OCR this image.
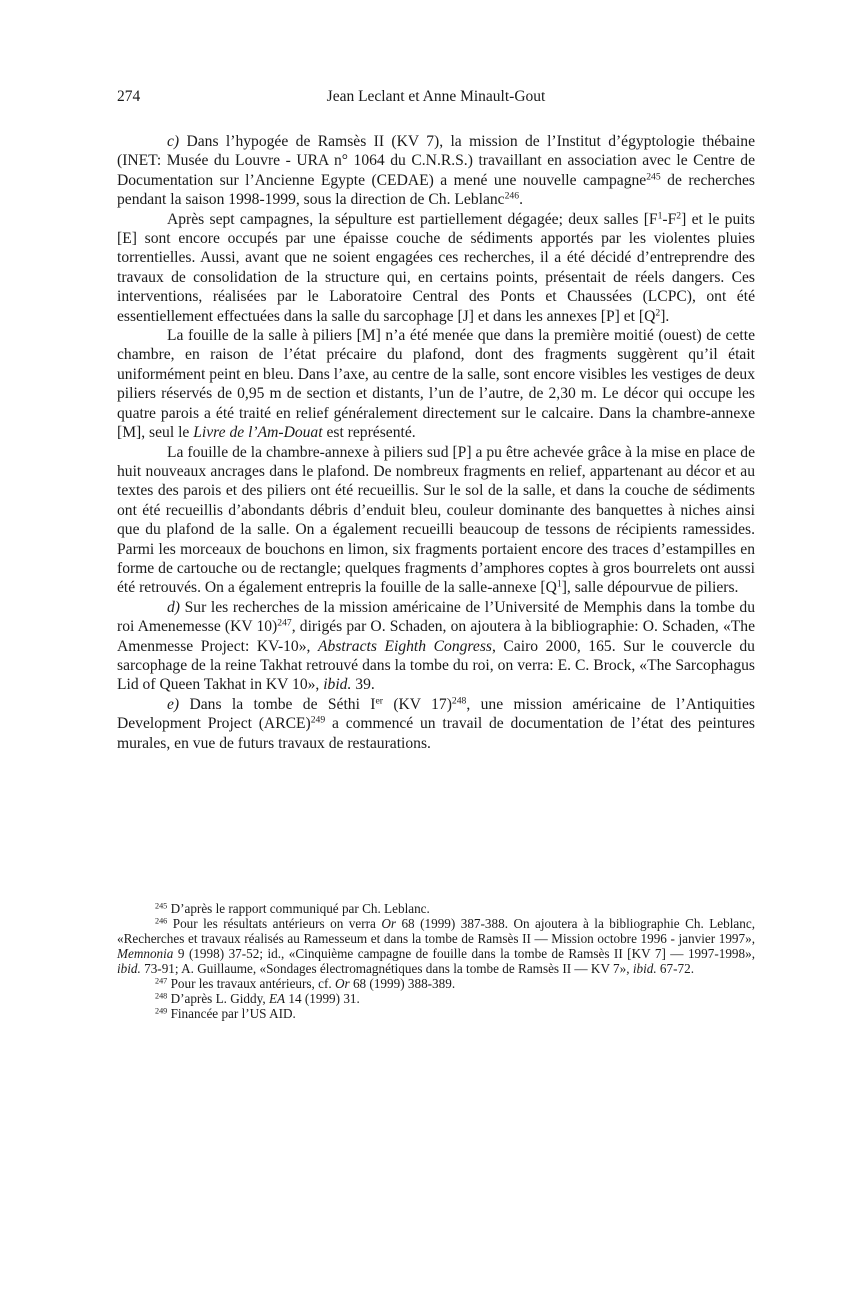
274	Jean Leclant et Anne Minault-Gout

c) Dans l’hypogée de Ramsès II (KV 7), la mission de l’Institut d’égyptologie thébaine (INET: Musée du Louvre - URA n° 1064 du C.N.R.S.) travaillant en association avec le Centre de Documentation sur l’Ancienne Egypte (CEDAE) a mené une nouvelle campagne$^{245}$ de recherches pendant la saison 1998-1999, sous la direction de Ch. Leblanc$^{246}$.

Après sept campagnes, la sépulture est partiellement dégagée; deux salles $[F^1-F^2]$ et le puits [E] sont encore occupés par une épaisse couche de sédiments apportés par les violentes pluies torrentielles. Aussi, avant que ne soient engagées ces recherches, il a été décidé d’entreprendre des travaux de consolidation de la structure qui, en certains points, présentait de réels dangers. Ces interventions, réalisées par le Laboratoire Central des Ponts et Chaussées (LCPC), ont été essentiellement effectuées dans la salle du sarcophage [J] et dans les annexes [P] et $[Q^2]$.

La fouille de la salle à piliers [M] n’a été menée que dans la première moitié (ouest) de cette chambre, en raison de l’état précaire du plafond, dont des fragments suggèrent qu’il était uniformément peint en bleu. Dans l’axe, au centre de la salle, sont encore visibles les vestiges de deux piliers réservés de 0,95 m de section et distants, l’un de l’autre, de 2,30 m. Le décor qui occupe les quatre parois a été traité en relief généralement directement sur le calcaire. Dans la chambre-annexe [M], seul le Livre de l’Am-Douat est représenté.

La fouille de la chambre-annexe à piliers sud [P] a pu être achevée grâce à la mise en place de huit nouveaux ancrages dans le plafond. De nombreux fragments en relief, appartenant au décor et au textes des parois et des piliers ont été recueillis. Sur le sol de la salle, et dans la couche de sédiments ont été recueillis d’abondants débris d’enduit bleu, couleur dominante des banquettes à niches ainsi que du plafond de la salle. On a également recueilli beaucoup de tessons de récipients ramessides. Parmi les morceaux de bouchons en limon, six fragments portaient encore des traces d’estampilles en forme de cartouche ou de rectangle; quelques fragments d’amphores coptes à gros bourrelets ont aussi été retrouvés. On a également entrepris la fouille de la salle-annexe $[Q^1]$, salle dépourvue de piliers.

d) Sur les recherches de la mission américaine de l’Université de Memphis dans la tombe du roi Amenemesse (KV 10)$^{247}$, dirigés par O. Schaden, on ajoutera à la bibliographie: O. Schaden, «The Amenmesse Project: KV-10», Abstracts Eighth Congress, Cairo 2000, 165. Sur le couvercle du sarcophage de la reine Takhat retrouvé dans la tombe du roi, on verra: E. C. Brock, «The Sarcophagus Lid of Queen Takhat in KV 10», ibid. 39.

e) Dans la tombe de Séthi Ier (KV 17)$^{248}$, une mission américaine de l’Antiquities Development Project (ARCE)$^{249}$ a commencé un travail de documentation de l’état des peintures murales, en vue de futurs travaux de restaurations.

$^{245}$ D’après le rapport communiqué par Ch. Leblanc.

$^{246}$ Pour les résultats antérieurs on verra Or 68 (1999) 387-388. On ajoutera à la bibliographie Ch. Leblanc, «Recherches et travaux réalisés au Ramesseum et dans la tombe de Ramsès II — Mission octobre 1996 - janvier 1997», Memnonia 9 (1998) 37-52; id., «Cinquième campagne de fouille dans la tombe de Ramsès II [KV 7] — 1997-1998», ibid. 73-91; A. Guillaume, «Sondages électromagnétiques dans la tombe de Ramsès II — KV 7», ibid. 67-72.

$^{247}$ Pour les travaux antérieurs, cf. Or 68 (1999) 388-389.

$^{248}$ D’après L. Giddy, EA 14 (1999) 31.

$^{249}$ Financée par l’US AID.
